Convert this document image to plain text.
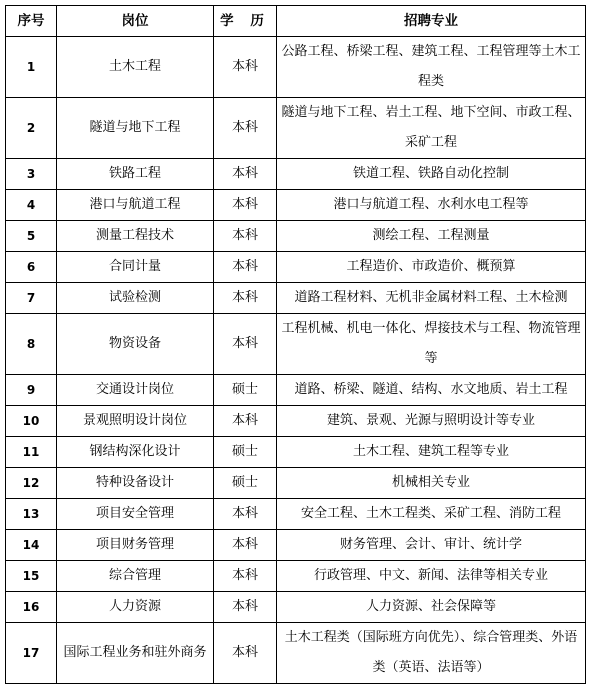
序号	岗位	学 历	招聘专业
1	土木工程	本科	公路工程、桥梁工程、建筑工程、工程管理等土木工程类
2	隧道与地下工程	本科	隧道与地下工程、岩土工程、地下空间、市政工程、采矿工程
3	铁路工程	本科	铁道工程、铁路自动化控制
4	港口与航道工程	本科	港口与航道工程、水利水电工程等
5	测量工程技术	本科	测绘工程、工程测量
6	合同计量	本科	工程造价、市政造价、概预算
7	试验检测	本科	道路工程材料、无机非金属材料工程、土木检测
8	物资设备	本科	工程机械、机电一体化、焊接技术与工程、物流管理等
9	交通设计岗位	硕士	道路、桥梁、隧道、结构、水文地质、岩土工程
10	景观照明设计岗位	本科	建筑、景观、光源与照明设计等专业
11	钢结构深化设计	硕士	土木工程、建筑工程等专业
12	特种设备设计	硕士	机械相关专业
13	项目安全管理	本科	安全工程、土木工程类、采矿工程、消防工程
14	项目财务管理	本科	财务管理、会计、审计、统计学
15	综合管理	本科	行政管理、中文、新闻、法律等相关专业
16	人力资源	本科	人力资源、社会保障等
17	国际工程业务和驻外商务	本科	土木工程类（国际班方向优先）、综合管理类、外语类（英语、法语等）
